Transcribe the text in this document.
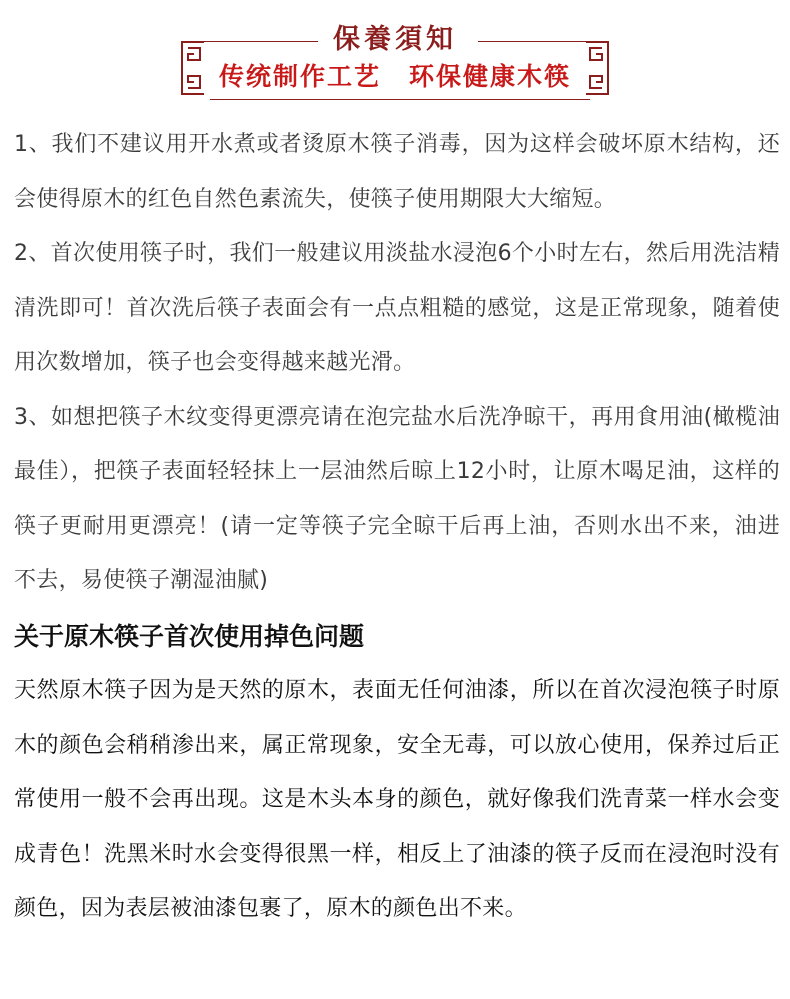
保養須知
传统制作工艺 环保健康木筷

1、我们不建议用开水煮或者烫原木筷子消毒，因为这样会破坏原木结构，还会使得原木的红色自然色素流失，使筷子使用期限大大缩短。

2、首次使用筷子时，我们一般建议用淡盐水浸泡6个小时左右，然后用洗洁精清洗即可！首次洗后筷子表面会有一点点粗糙的感觉，这是正常现象，随着使用次数增加，筷子也会变得越来越光滑。

3、如想把筷子木纹变得更漂亮请在泡完盐水后洗净晾干，再用食用油(橄榄油最佳），把筷子表面轻轻抹上一层油然后晾上12小时，让原木喝足油，这样的筷子更耐用更漂亮！(请一定等筷子完全晾干后再上油，否则水出不来，油进不去，易使筷子潮湿油腻)

关于原木筷子首次使用掉色问题

天然原木筷子因为是天然的原木，表面无任何油漆，所以在首次浸泡筷子时原木的颜色会稍稍渗出来，属正常现象，安全无毒，可以放心使用，保养过后正常使用一般不会再出现。这是木头本身的颜色，就好像我们洗青菜一样水会变成青色！洗黑米时水会变得很黑一样，相反上了油漆的筷子反而在浸泡时没有颜色，因为表层被油漆包裹了，原木的颜色出不来。
